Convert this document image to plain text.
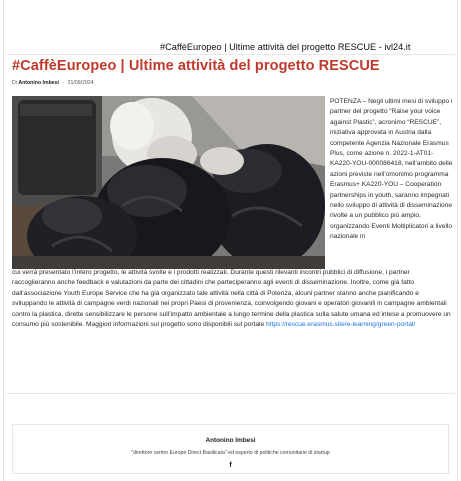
#CaffèEuropeo | Ultime attività del progetto RESCUE - ivl24.it
#CaffèEuropeo | Ultime attività del progetto RESCUE
Di Antonino Imbesi - 21/09/2024
POTENZA – Negli ultimi mesi di sviluppo i partner del progetto “Raise your voice against Plastic”, acronimo “RESCUE”, iniziativa approvata in Austria dalla competente Agenzia Nazionale Erasmus Plus, come azione n. 2022-1-AT01-KA220-YOU-000086418, nell’ambito delle azioni previste nell’omonimo programma Erasmus+ KA220-YOU – Cooperation partnerships in youth, saranno impegnati nello sviluppo di attività di disseminazione rivolte a un pubblico più ampio, organizzando Eventi Moltiplicatori a livello nazionale in
cui verrà presentato l’intero progetto, le attività svolte e i prodotti realizzati. Durante questi rilevanti incontri pubblici di diffusione, i partner raccoglieranno anche feedback e valutazioni da parte dei cittadini che parteciperanno agli eventi di disseminazione. Inoltre, come già fatto dall’associazione Youth Europe Service che ha già organizzato tale attività nella città di Potenza, alcuni partner stanno anche pianificando e sviluppando le attività di campagne verdi nazionali nei propri Paesi di provenienza, coinvolgendo giovani e operatori giovanili in campagne ambientali contro la plastica, dirette sensibilizzare le persone sull’impatto ambientale a lungo termine della plastica sulla salute umana ed intese a promuovere un consumo più sostenibile. Maggiori informazioni sul progetto sono disponibili sul portale https://rescue.erasmus.site/e-learning/green-portal/
Antonino Imbesi
"direttore centro Europe Direct Basilicata" ed esperto di politiche comunitarie di startup
f
